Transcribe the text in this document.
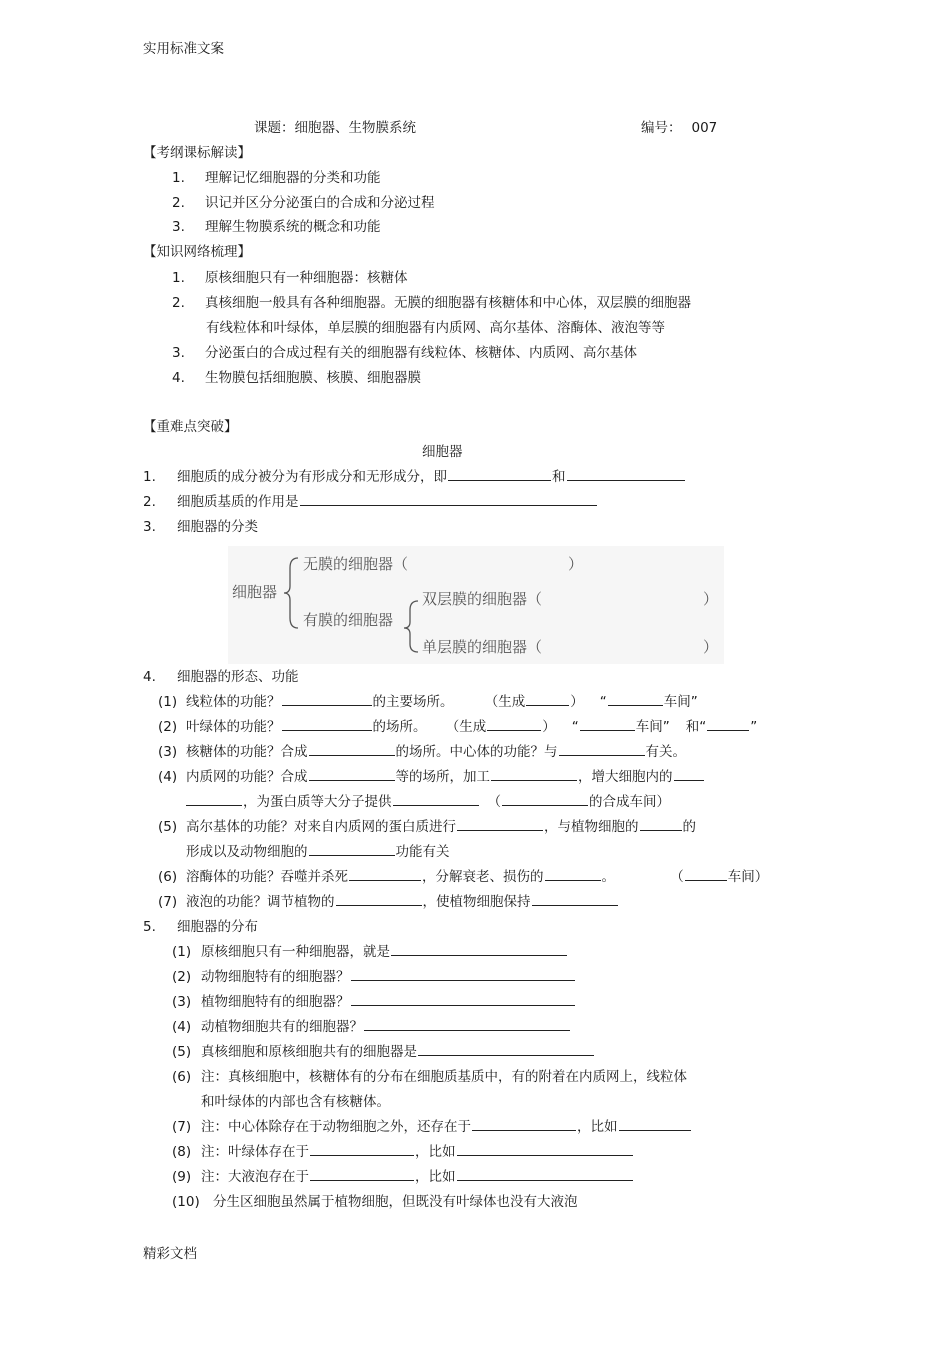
实用标准文案
精彩文档
课题：细胞器、生物膜系统	编号： 007
【考纲课标解读】
1. 理解记忆细胞器的分类和功能
2. 识记并区分分泌蛋白的合成和分泌过程
3. 理解生物膜系统的概念和功能
【知识网络梳理】
1. 原核细胞只有一种细胞器：核糖体
2. 真核细胞一般具有各种细胞器。无膜的细胞器有核糖体和中心体，双层膜的细胞器
有线粒体和叶绿体，单层膜的细胞器有内质网、高尔基体、溶酶体、液泡等等
3. 分泌蛋白的合成过程有关的细胞器有线粒体、核糖体、内质网、高尔基体
4. 生物膜包括细胞膜、核膜、细胞器膜
【重难点突破】
细胞器
1. 细胞质的成分被分为有形成分和无形成分，即	和
2. 细胞质基质的作用是
3. 细胞器的分类
细胞器
无膜的细胞器（	）
有膜的细胞器
双层膜的细胞器（	）
单层膜的细胞器（	）
4. 细胞器的形态、功能
(1) 线粒体的功能？	的主要场所。	（生成	） “	车间”
(2) 叶绿体的功能？	的场所。 （生成	） “	车间” 和“	”
(3) 核糖体的功能？合成	的场所。中心体的功能？与	有关。
(4) 内质网的功能？合成	等的场所，加工	，增大细胞内的
，为蛋白质等大分子提供	（	的合成车间）
(5) 高尔基体的功能？对来自内质网的蛋白质进行	，与植物细胞的	的
形成以及动物细胞的	功能有关
(6) 溶酶体的功能？吞噬并杀死	，分解衰老、损伤的	。	（	车间）
(7) 液泡的功能？调节植物的	，使植物细胞保持
5. 细胞器的分布
(1) 原核细胞只有一种细胞器，就是
(2) 动物细胞特有的细胞器？
(3) 植物细胞特有的细胞器？
(4) 动植物细胞共有的细胞器？
(5) 真核细胞和原核细胞共有的细胞器是
(6) 注：真核细胞中，核糖体有的分布在细胞质基质中，有的附着在内质网上，线粒体
和叶绿体的内部也含有核糖体。
(7) 注：中心体除存在于动物细胞之外，还存在于	，比如
(8) 注：叶绿体存在于	，比如
(9) 注：大液泡存在于	，比如
(10) 分生区细胞虽然属于植物细胞，但既没有叶绿体也没有大液泡
